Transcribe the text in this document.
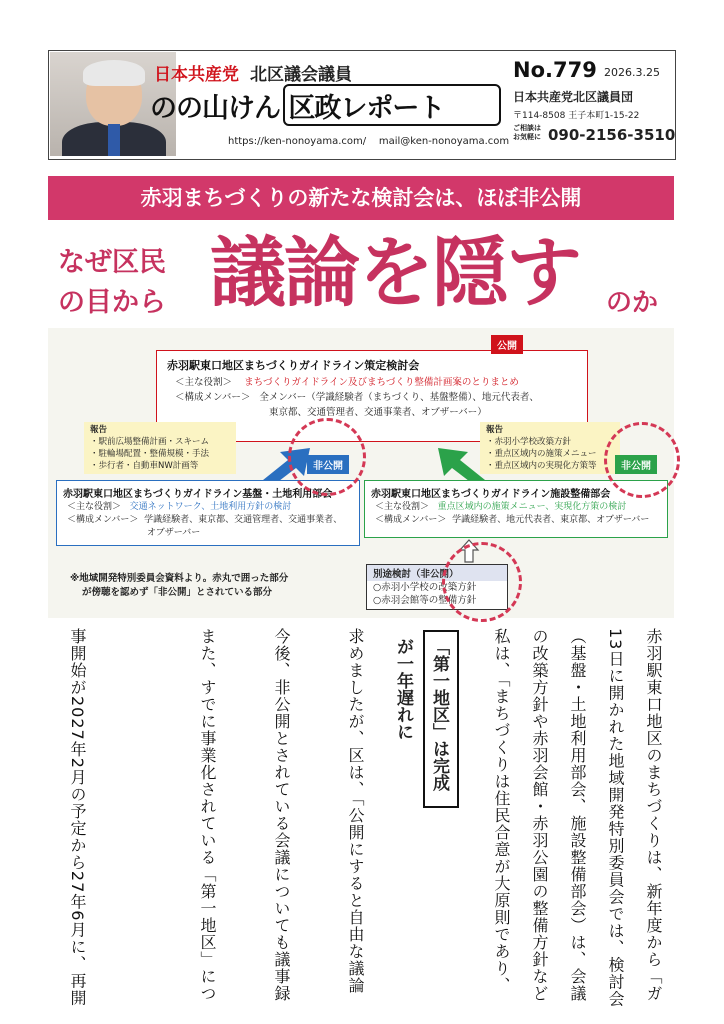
日本共産党 北区議会議員
のの山けん 区政レポート
https://ken-nonoyama.com/ mail@ken-nonoyama.com
No.779 2026.3.25
日本共産党北区議員団
〒114-8508 王子本町1-15-22
ご相談は お気軽に 090-2156-3510
赤羽まちづくりの新たな検討会は、ほぼ非公開
なぜ区民
の目から 議論を隠す のか
公開
赤羽駅東口地区まちづくりガイドライン策定検討会
＜主な役割＞ まちづくりガイドライン及びまちづくり整備計画案のとりまとめ
＜構成メンバー＞ 全メンバー（学識経験者（まちづくり、基盤整備）、地元代表者、
東京都、交通管理者、交通事業者、オブザーバー）
報告
・駅前広場整備計画・スキーム
・駐輪場配置・整備規模・手法
・歩行者・自動車NW計画等
報告
・赤羽小学校改築方針
・重点区域内の施策メニュー
・重点区域内の実現化方策等
非公開
赤羽駅東口地区まちづくりガイドライン基盤・土地利用部会
＜主な役割＞ 交通ネットワーク、土地利用方針の検討
＜構成メンバー＞ 学識経験者、東京都、交通管理者、交通事業者、
オブザーバー
非公開
赤羽駅東口地区まちづくりガイドライン施設整備部会
＜主な役割＞ 重点区域内の施策メニュー、実現化方策の検討
＜構成メンバー＞ 学識経験者、地元代表者、東京都、オブザーバー
別途検討（非公開）
○赤羽小学校の改築方針
○赤羽会館等の整備方針
※地域開発特別委員会資料より。赤丸で囲った部分
が傍聴を認めず「非公開」とされている部分
赤羽駅東口地区のまちづくりは、新年度から「ガ
13日に開かれた地域開発特別委員会では、検討会
（基盤・土地利用部会、施設整備部会）は、会議
の改築方針や赤羽会館・赤羽公園の整備方針など
私は、「まちづくりは住民合意が大原則であり、
「第一地区」は完成が一年遅れに
求めましたが、区は、「公開にすると自由な議論
今後、非公開とされている会議についても議事録
また、すでに事業化されている「第一地区」につ
事開始が2027年2月の予定から27年6月に、再開
